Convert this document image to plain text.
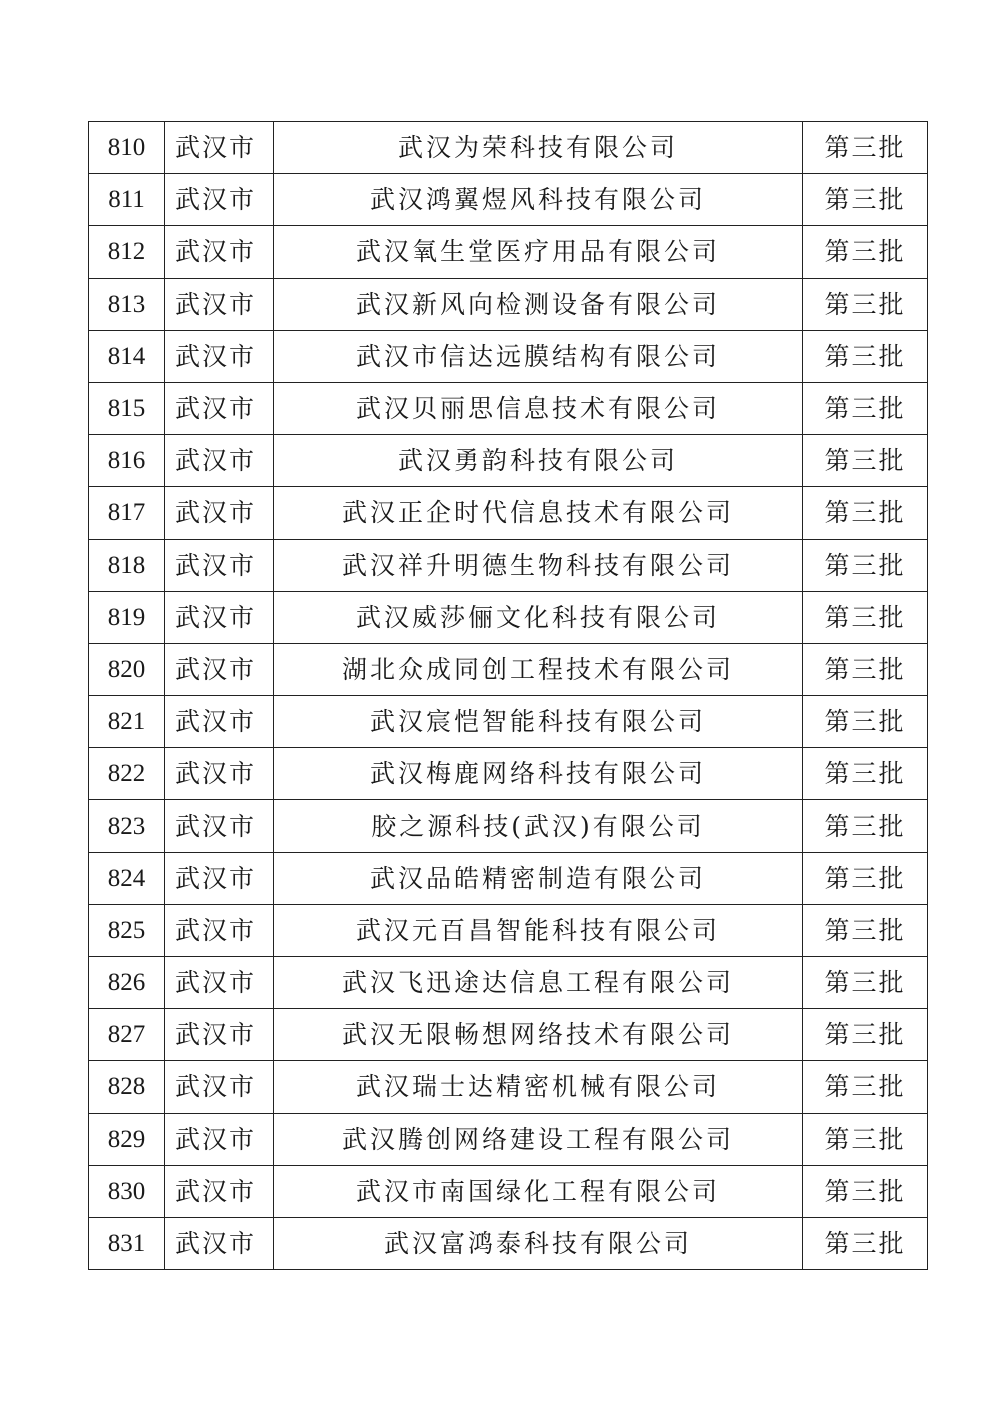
810	武汉市	武汉为荣科技有限公司	第三批
811	武汉市	武汉鸿翼煜风科技有限公司	第三批
812	武汉市	武汉氧生堂医疗用品有限公司	第三批
813	武汉市	武汉新风向检测设备有限公司	第三批
814	武汉市	武汉市信达远膜结构有限公司	第三批
815	武汉市	武汉贝丽思信息技术有限公司	第三批
816	武汉市	武汉勇韵科技有限公司	第三批
817	武汉市	武汉正企时代信息技术有限公司	第三批
818	武汉市	武汉祥升明德生物科技有限公司	第三批
819	武汉市	武汉威莎俪文化科技有限公司	第三批
820	武汉市	湖北众成同创工程技术有限公司	第三批
821	武汉市	武汉宸恺智能科技有限公司	第三批
822	武汉市	武汉梅鹿网络科技有限公司	第三批
823	武汉市	胶之源科技(武汉)有限公司	第三批
824	武汉市	武汉品皓精密制造有限公司	第三批
825	武汉市	武汉元百昌智能科技有限公司	第三批
826	武汉市	武汉飞迅途达信息工程有限公司	第三批
827	武汉市	武汉无限畅想网络技术有限公司	第三批
828	武汉市	武汉瑞士达精密机械有限公司	第三批
829	武汉市	武汉腾创网络建设工程有限公司	第三批
830	武汉市	武汉市南国绿化工程有限公司	第三批
831	武汉市	武汉富鸿泰科技有限公司	第三批
